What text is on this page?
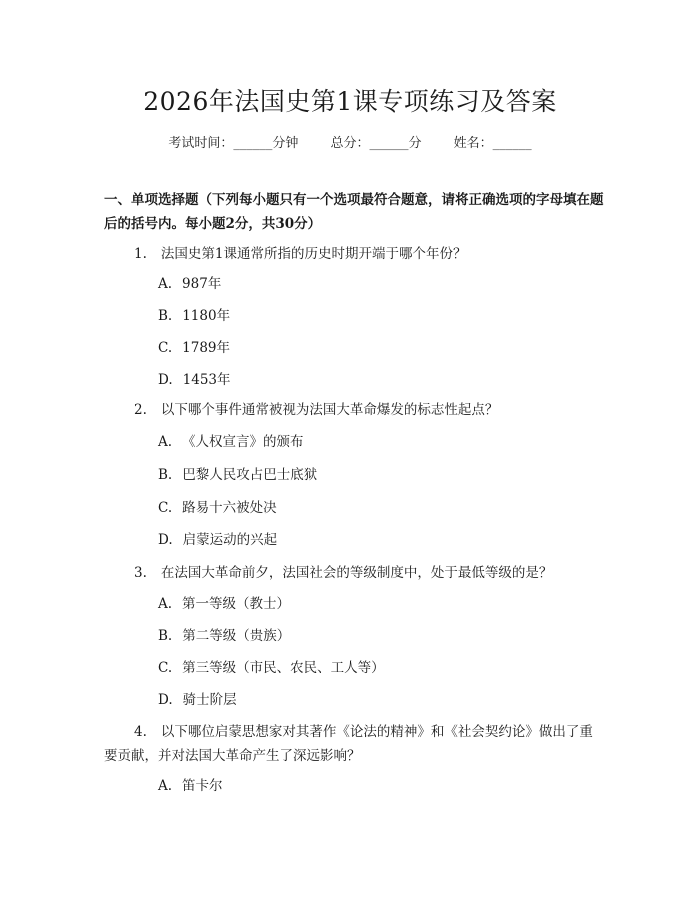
2026年法国史第1课专项练习及答案
考试时间：______分钟 总分：______分 姓名：______
一、单项选择题（下列每小题只有一个选项最符合题意，请将正确选项的字母填在题后的括号内。每小题2分，共30分）
1. 法国史第1课通常所指的历史时期开端于哪个年份？
A. 987年
B. 1180年
C. 1789年
D. 1453年
2. 以下哪个事件通常被视为法国大革命爆发的标志性起点？
A. 《人权宣言》的颁布
B. 巴黎人民攻占巴士底狱
C. 路易十六被处决
D. 启蒙运动的兴起
3. 在法国大革命前夕，法国社会的等级制度中，处于最低等级的是？
A. 第一等级（教士）
B. 第二等级（贵族）
C. 第三等级（市民、农民、工人等）
D. 骑士阶层
4. 以下哪位启蒙思想家对其著作《论法的精神》和《社会契约论》做出了重要贡献，并对法国大革命产生了深远影响？
A. 笛卡尔
